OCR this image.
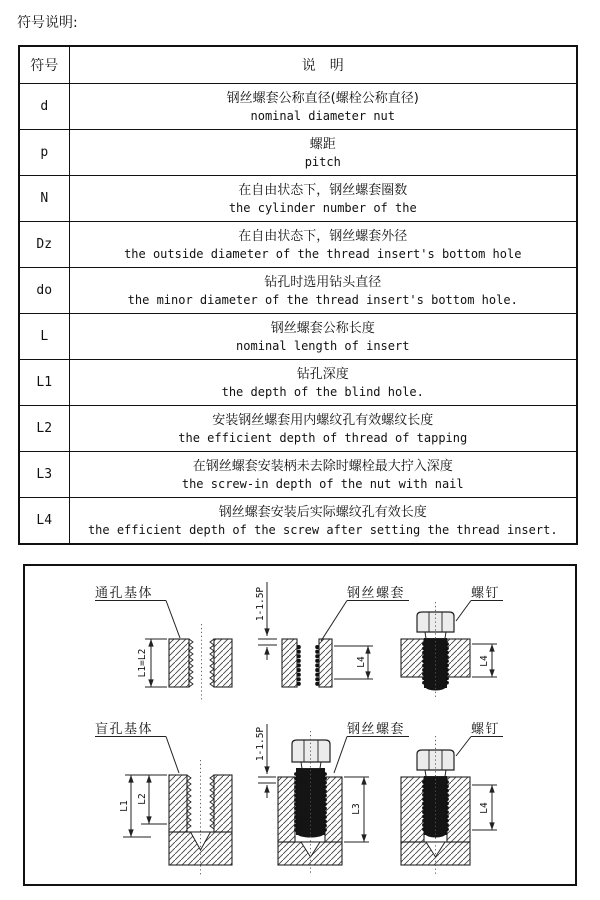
符号说明:
符号	说　明
d	钢丝螺套公称直径(螺栓公称直径)
nominal diameter nut

p	螺距
pitch

N	在自由状态下，钢丝螺套圈数
the cylinder number of the

Dz	在自由状态下，钢丝螺套外径
the outside diameter of the thread insert's bottom hole

do	钻孔时选用钻头直径
the minor diameter of the thread insert's bottom hole.

L	钢丝螺套公称长度
nominal length of insert

L1	钻孔深度
the depth of the blind hole.

L2	安装钢丝螺套用内螺纹孔有效螺纹长度
the efficient depth of thread of tapping

L3	在钢丝螺套安装柄未去除时螺栓最大拧入深度
the screw-in depth of the nut with nail

L4	钢丝螺套安装后实际螺纹孔有效长度
the efficient depth of the screw after setting the thread insert.
L1=L2
通孔基体	1-1.5P
L4
钢丝螺套
L4
螺钉
L1
L2
盲孔基体	1-1.5P
L3
钢丝螺套
L4
螺钉
